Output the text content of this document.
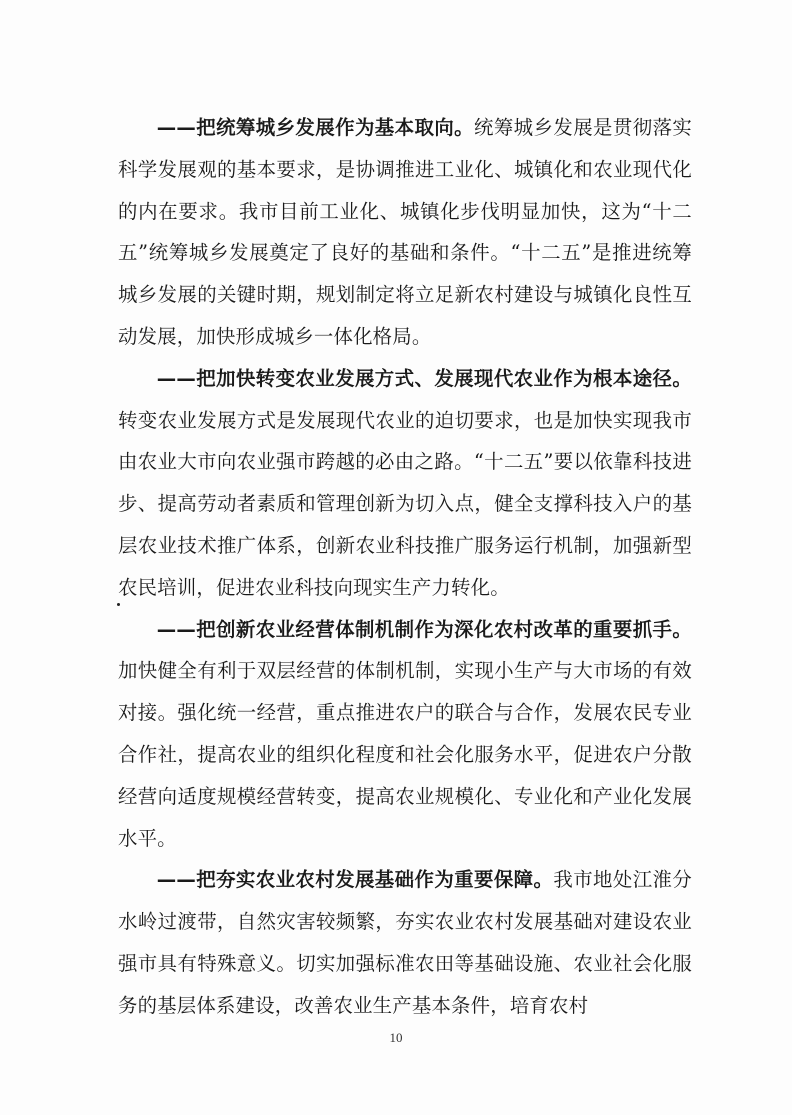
——把统筹城乡发展作为基本取向。统筹城乡发展是贯彻落实科学发展观的基本要求，是协调推进工业化、城镇化和农业现代化的内在要求。我市目前工业化、城镇化步伐明显加快，这为“十二五”统筹城乡发展奠定了良好的基础和条件。“十二五”是推进统筹城乡发展的关键时期，规划制定将立足新农村建设与城镇化良性互动发展，加快形成城乡一体化格局。

——把加快转变农业发展方式、发展现代农业作为根本途径。转变农业发展方式是发展现代农业的迫切要求，也是加快实现我市由农业大市向农业强市跨越的必由之路。“十二五”要以依靠科技进步、提高劳动者素质和管理创新为切入点，健全支撑科技入户的基层农业技术推广体系，创新农业科技推广服务运行机制，加强新型农民培训，促进农业科技向现实生产力转化。

——把创新农业经营体制机制作为深化农村改革的重要抓手。加快健全有利于双层经营的体制机制，实现小生产与大市场的有效对接。强化统一经营，重点推进农户的联合与合作，发展农民专业合作社，提高农业的组织化程度和社会化服务水平，促进农户分散经营向适度规模经营转变，提高农业规模化、专业化和产业化发展水平。

——把夯实农业农村发展基础作为重要保障。我市地处江淮分水岭过渡带，自然灾害较频繁，夯实农业农村发展基础对建设农业强市具有特殊意义。切实加强标准农田等基础设施、农业社会化服务的基层体系建设，改善农业生产基本条件，培育农村

10
